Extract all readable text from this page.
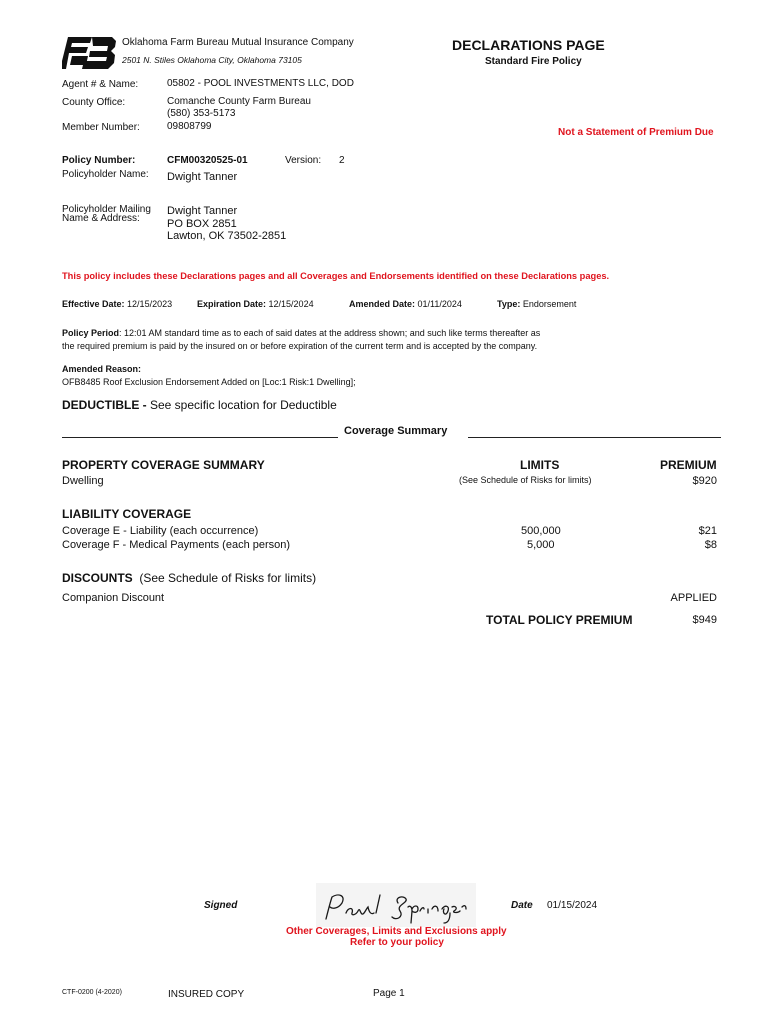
Oklahoma Farm Bureau Mutual Insurance Company
2501 N. Stiles Oklahoma City, Oklahoma 73105
DECLARATIONS PAGE
Standard Fire Policy
Agent # & Name:	05802 - POOL INVESTMENTS LLC, DOD
County Office:	Comanche County Farm Bureau
(580) 353-5173
Member Number:	09808799
Not a Statement of Premium Due
Policy Number:	CFM00320525-01	Version: 2
Policyholder Name: Dwight Tanner
Policyholder Mailing
Name & Address:
Dwight Tanner
PO BOX 2851
Lawton, OK 73502-2851
This policy includes these Declarations pages and all Coverages and Endorsements identified on these Declarations pages.
Effective Date: 12/15/2023	Expiration Date: 12/15/2024	Amended Date: 01/11/2024	Type: Endorsement
Policy Period: 12:01 AM standard time as to each of said dates at the address shown; and such like terms thereafter as
the required premium is paid by the insured on or before expiration of the current term and is accepted by the company.
Amended Reason:
OFB8485 Roof Exclusion Endorsement Added on [Loc:1 Risk:1 Dwelling];
DEDUCTIBLE - See specific location for Deductible
Coverage Summary
PROPERTY COVERAGE SUMMARY	LIMITS	PREMIUM
Dwelling	(See Schedule of Risks for limits)	$920
LIABILITY COVERAGE
Coverage E - Liability (each occurrence)	500,000	$21
Coverage F - Medical Payments (each person)	5,000	$8
DISCOUNTS (See Schedule of Risks for limits)
Companion Discount	APPLIED
TOTAL POLICY PREMIUM	$949
Signed	Date 01/15/2024
Other Coverages, Limits and Exclusions apply
Refer to your policy
CTF-0200 (4-2020)	INSURED COPY	Page 1
